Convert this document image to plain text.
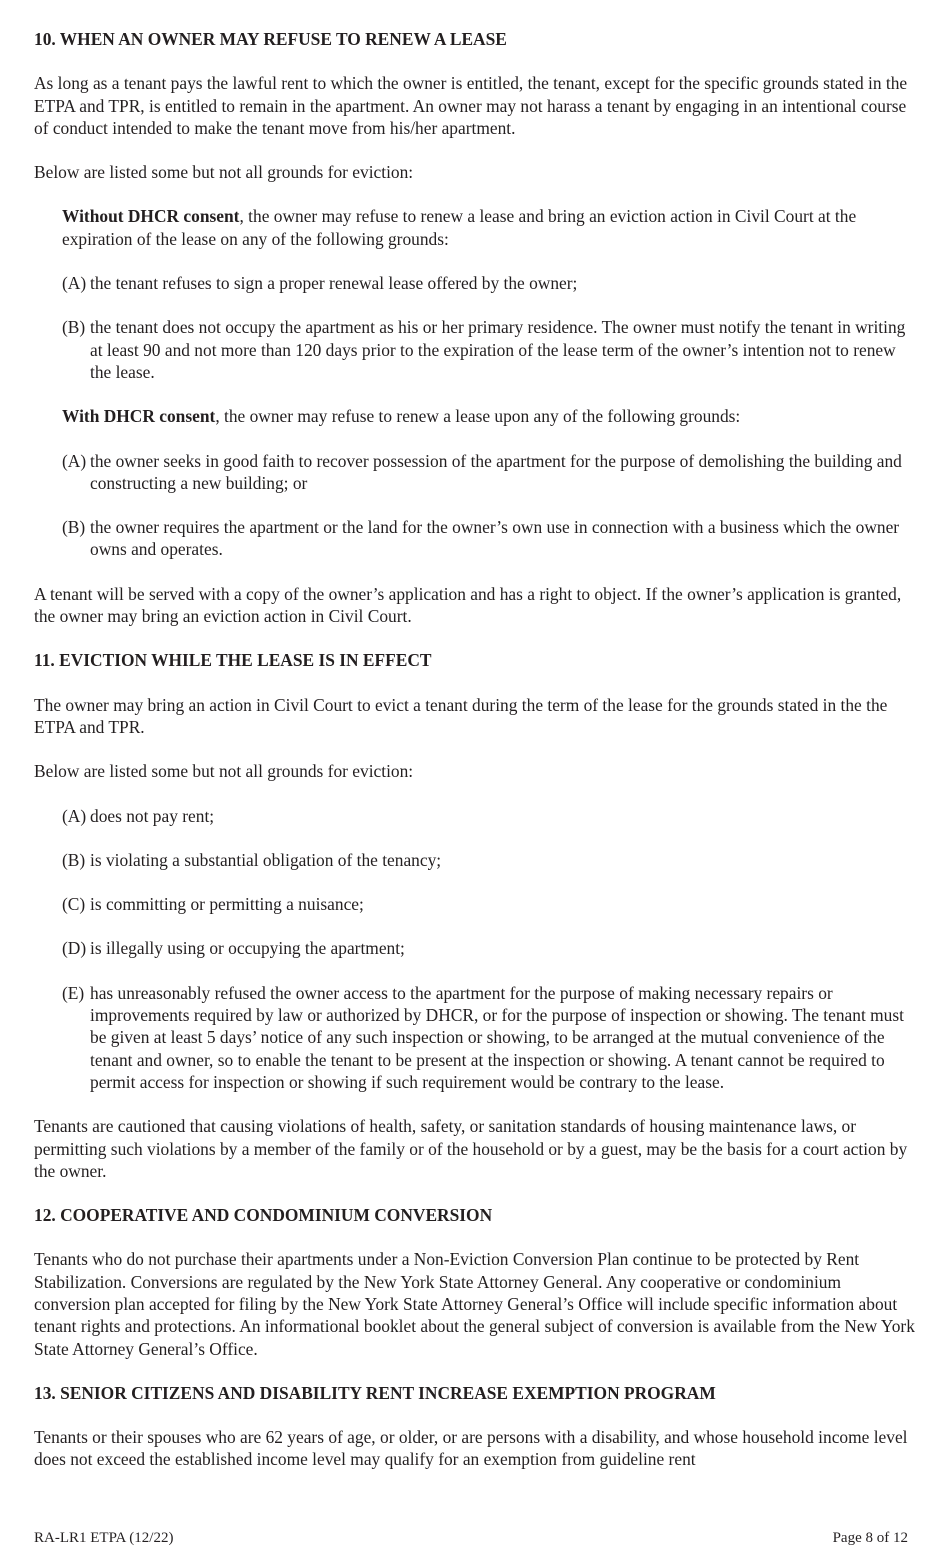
10. WHEN AN OWNER MAY REFUSE TO RENEW A LEASE

As long as a tenant pays the lawful rent to which the owner is entitled, the tenant, except for the specific grounds stated in the ETPA and TPR, is entitled to remain in the apartment. An owner may not harass a tenant by engaging in an intentional course of conduct intended to make the tenant move from his/her apartment.

Below are listed some but not all grounds for eviction:

Without DHCR consent, the owner may refuse to renew a lease and bring an eviction action in Civil Court at the expiration of the lease on any of the following grounds:

(A) the tenant refuses to sign a proper renewal lease offered by the owner;
(B) the tenant does not occupy the apartment as his or her primary residence. The owner must notify the tenant in writing at least 90 and not more than 120 days prior to the expiration of the lease term of the owner’s intention not to renew the lease.

With DHCR consent, the owner may refuse to renew a lease upon any of the following grounds:

(A) the owner seeks in good faith to recover possession of the apartment for the purpose of demolishing the building and constructing a new building; or
(B) the owner requires the apartment or the land for the owner’s own use in connection with a business which the owner owns and operates.

A tenant will be served with a copy of the owner’s application and has a right to object. If the owner’s application is granted, the owner may bring an eviction action in Civil Court.

11. EVICTION WHILE THE LEASE IS IN EFFECT

The owner may bring an action in Civil Court to evict a tenant during the term of the lease for the grounds stated in the the ETPA and TPR.

Below are listed some but not all grounds for eviction:

(A) does not pay rent;
(B) is violating a substantial obligation of the tenancy;
(C) is committing or permitting a nuisance;
(D) is illegally using or occupying the apartment;
(E) has unreasonably refused the owner access to the apartment for the purpose of making necessary repairs or improvements required by law or authorized by DHCR, or for the purpose of inspection or showing. The tenant must be given at least 5 days’ notice of any such inspection or showing, to be arranged at the mutual convenience of the tenant and owner, so to enable the tenant to be present at the inspection or showing. A tenant cannot be required to permit access for inspection or showing if such requirement would be contrary to the lease.

Tenants are cautioned that causing violations of health, safety, or sanitation standards of housing maintenance laws, or permitting such violations by a member of the family or of the household or by a guest, may be the basis for a court action by the owner.

12. COOPERATIVE AND CONDOMINIUM CONVERSION

Tenants who do not purchase their apartments under a Non-Eviction Conversion Plan continue to be protected by Rent Stabilization. Conversions are regulated by the New York State Attorney General. Any cooperative or condominium conversion plan accepted for filing by the New York State Attorney General’s Office will include specific information about tenant rights and protections. An informational booklet about the general subject of conversion is available from the New York State Attorney General’s Office.

13. SENIOR CITIZENS AND DISABILITY RENT INCREASE EXEMPTION PROGRAM

Tenants or their spouses who are 62 years of age, or older, or are persons with a disability, and whose household income level does not exceed the established income level may qualify for an exemption from guideline rent

RA-LR1 ETPA (12/22)	Page 8 of 12
